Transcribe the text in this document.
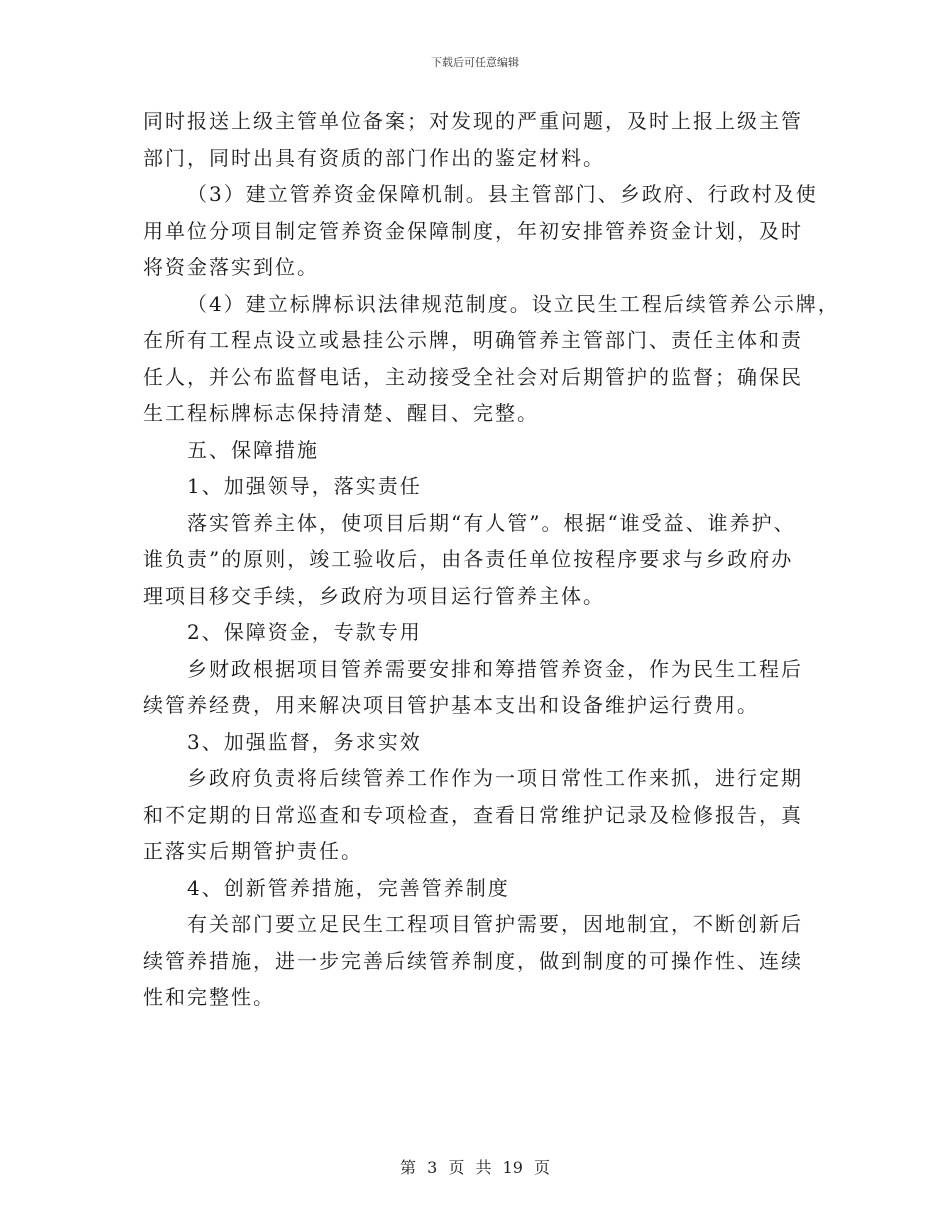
下载后可任意编辑
同时报送上级主管单位备案；对发现的严重问题，及时上报上级主管
部门，同时出具有资质的部门作出的鉴定材料。
（3）建立管养资金保障机制。县主管部门、乡政府、行政村及使
用单位分项目制定管养资金保障制度，年初安排管养资金计划，及时
将资金落实到位。
（4）建立标牌标识法律规范制度。设立民生工程后续管养公示牌，
在所有工程点设立或悬挂公示牌，明确管养主管部门、责任主体和责
任人，并公布监督电话，主动接受全社会对后期管护的监督；确保民
生工程标牌标志保持清楚、醒目、完整。
五、保障措施
1、加强领导，落实责任
落实管养主体，使项目后期“有人管”。根据“谁受益、谁养护、
谁负责”的原则，竣工验收后，由各责任单位按程序要求与乡政府办
理项目移交手续，乡政府为项目运行管养主体。
2、保障资金，专款专用
乡财政根据项目管养需要安排和筹措管养资金，作为民生工程后
续管养经费，用来解决项目管护基本支出和设备维护运行费用。
3、加强监督，务求实效
乡政府负责将后续管养工作作为一项日常性工作来抓，进行定期
和不定期的日常巡查和专项检查，查看日常维护记录及检修报告，真
正落实后期管护责任。
4、创新管养措施，完善管养制度
有关部门要立足民生工程项目管护需要，因地制宜，不断创新后
续管养措施，进一步完善后续管养制度，做到制度的可操作性、连续
性和完整性。
第 3 页 共 19 页
